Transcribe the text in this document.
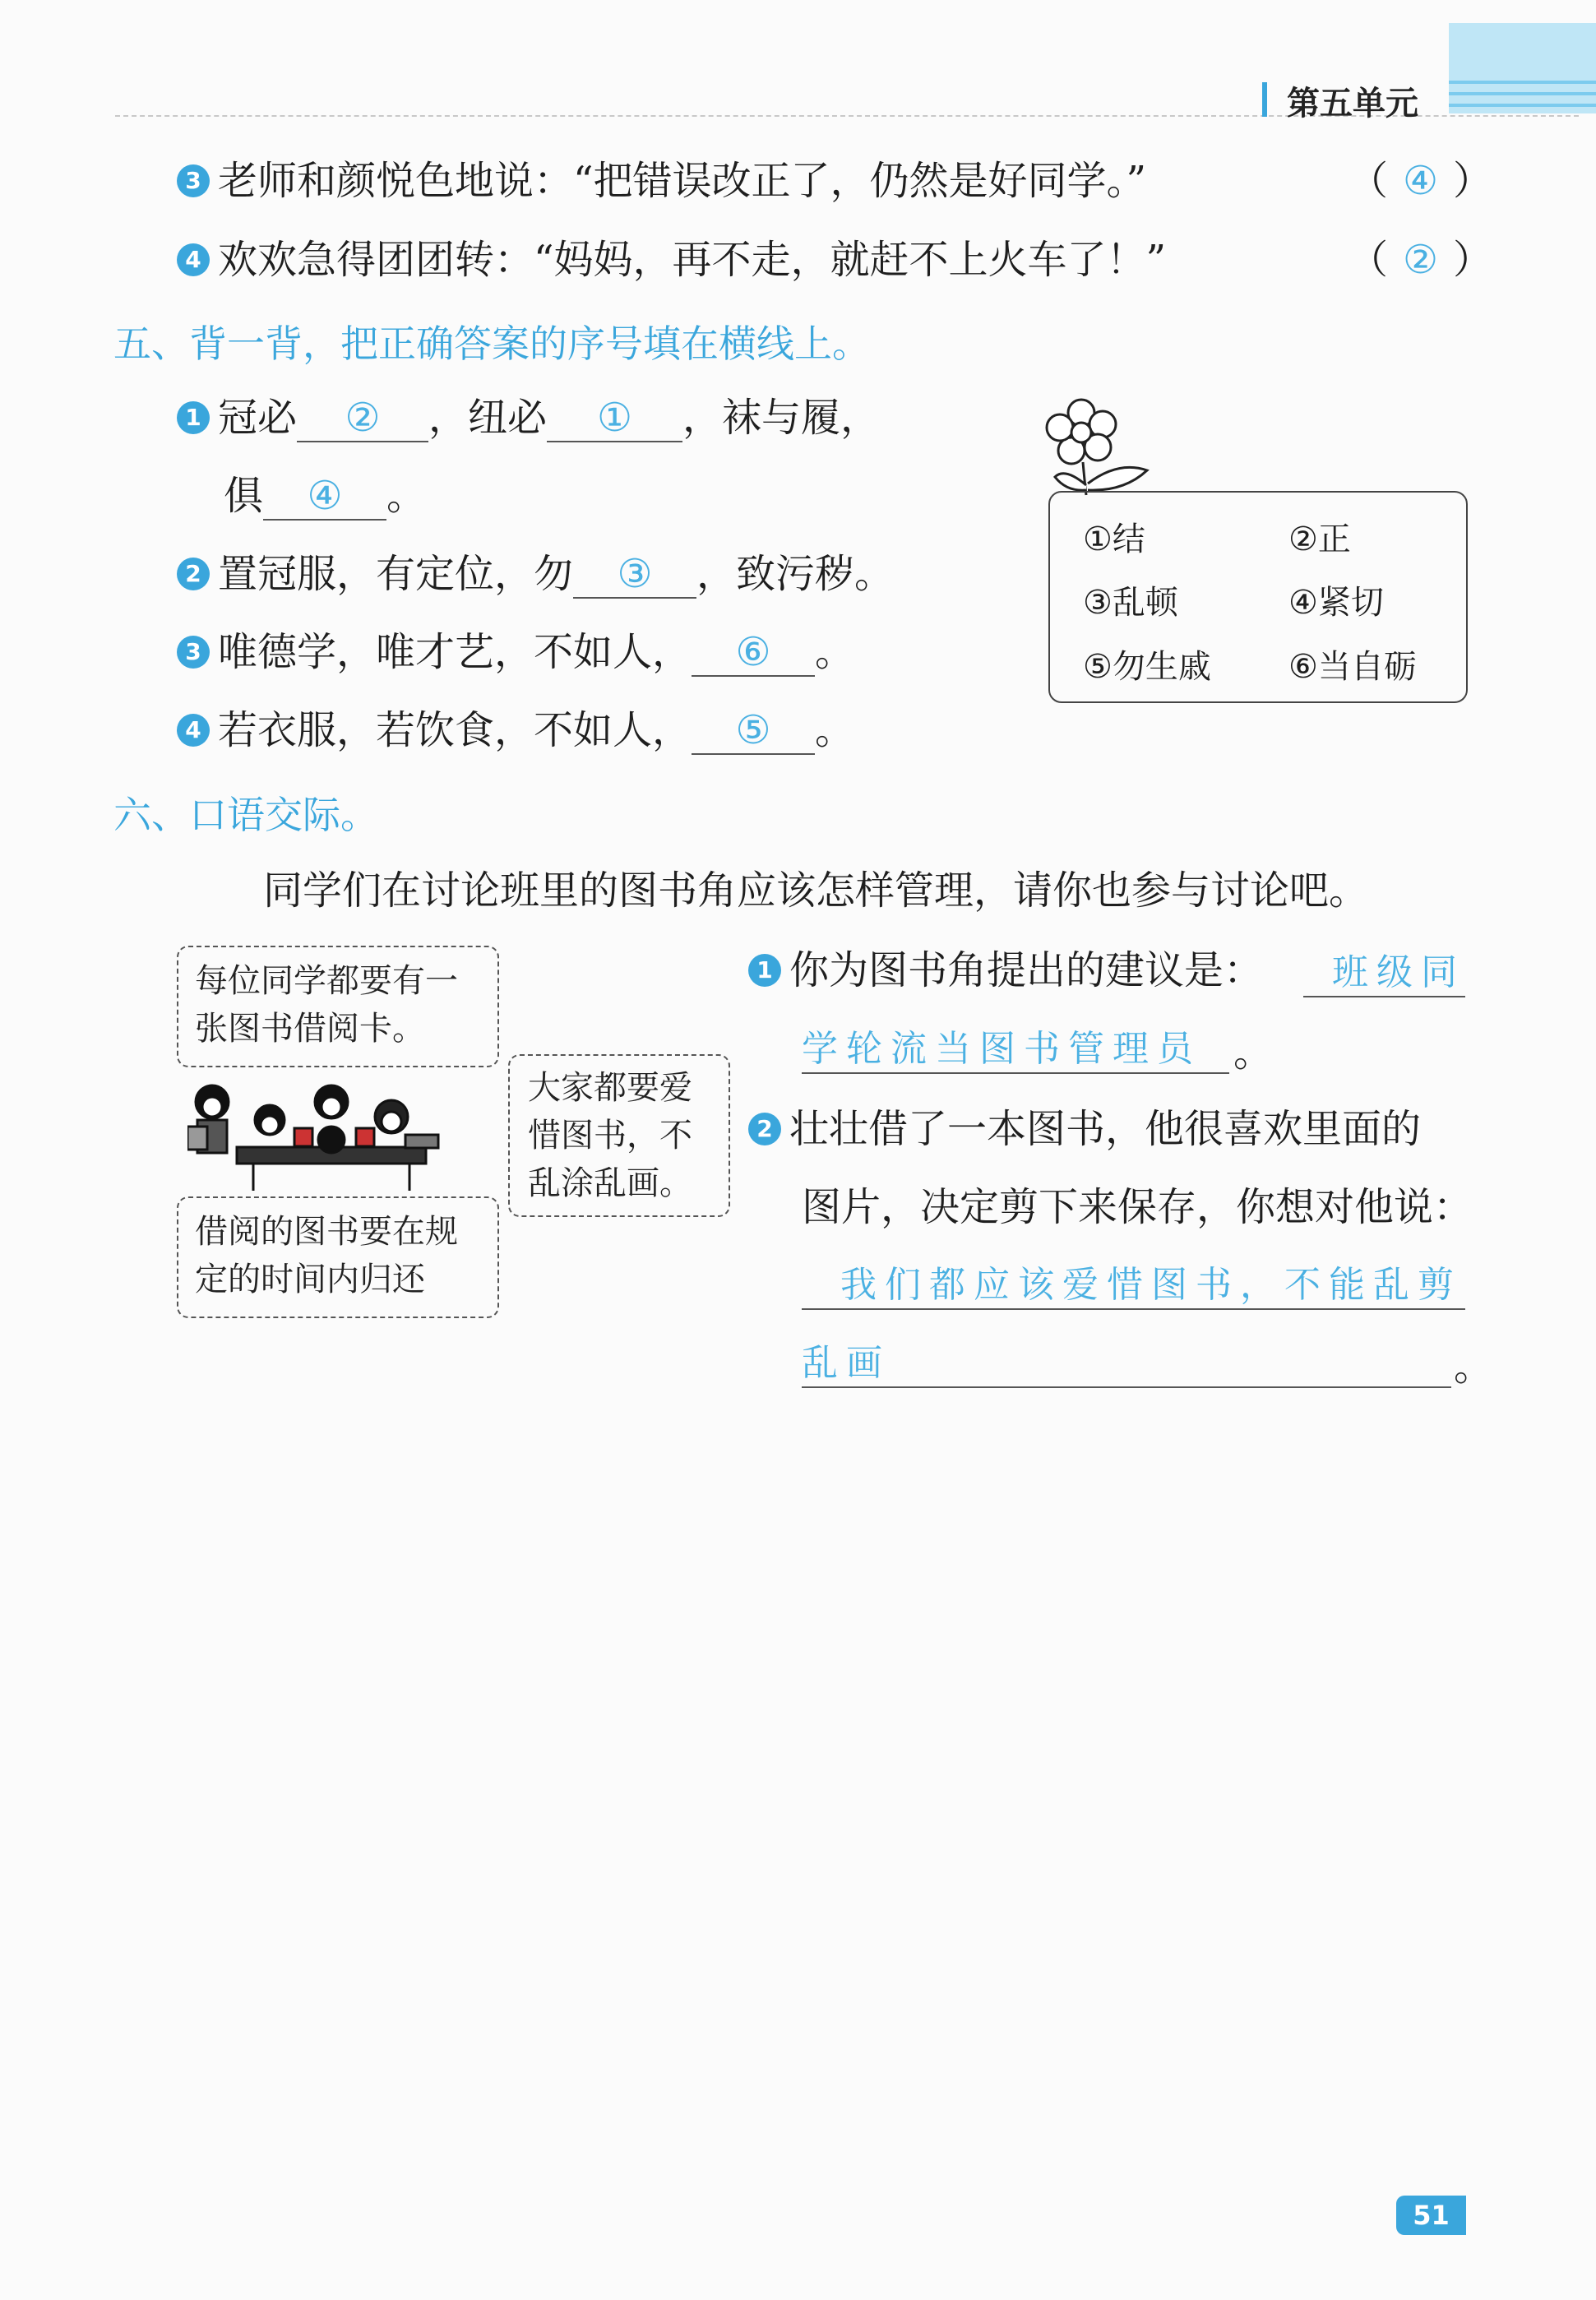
第五单元
3 老师和颜悦色地说：“把错误改正了，仍然是好同学。”	（ ④ ）
4 欢欢急得团团转：“妈妈，再不走，就赶不上火车了！”	（ ② ）
五、背一背，把正确答案的序号填在横线上。
1 冠必 ② ，纽必 ① ，袜与履，
俱 ④ 。
2 置冠服，有定位，勿 ③ ，致污秽。
3 唯德学，唯才艺，不如人， ⑥ 。
4 若衣服，若饮食，不如人， ⑤ 。
①结	②正
③乱顿	④紧切
⑤勿生戚 ⑥当自砺
六、口语交际。
同学们在讨论班里的图书角应该怎样管理，请你也参与讨论吧。
每位同学都要有一
张图书借阅卡。
大家都要爱
惜图书，不
乱涂乱画。
借阅的图书要在规
定的时间内归还
1 你为图书角提出的建议是：	班级同
学轮流当图书管理员 。
2 壮壮借了一本图书，他很喜欢里面的
图片，决定剪下来保存，你想对他说：
我们都应该爱惜图书，不能乱剪
乱画	。
51
